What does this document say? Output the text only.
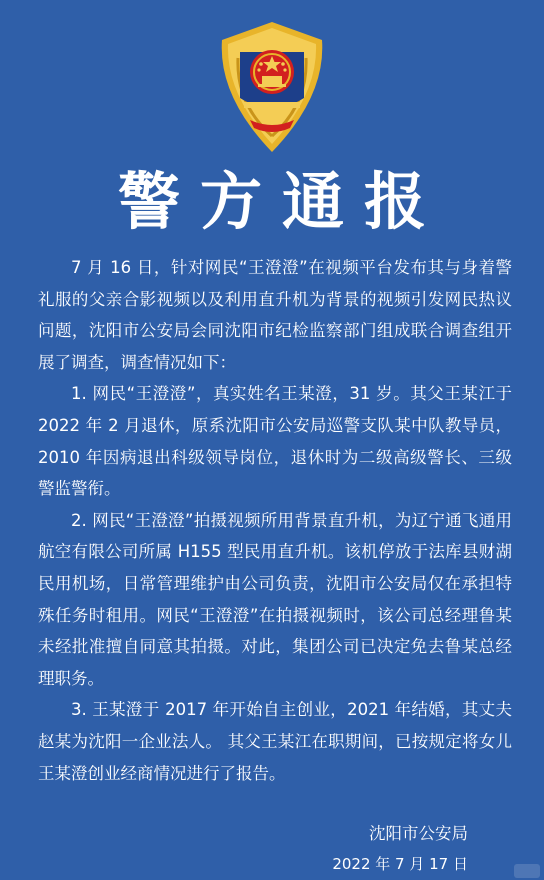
警方通报

7 月 16 日，针对网民“王澄澄”在视频平台发布其与身着警礼服的父亲合影视频以及利用直升机为背景的视频引发网民热议问题，沈阳市公安局会同沈阳市纪检监察部门组成联合调查组开展了调查，调查情况如下：

1. 网民“王澄澄”，真实姓名王某澄，31 岁。其父王某江于 2022 年 2 月退休，原系沈阳市公安局巡警支队某中队教导员，2010 年因病退出科级领导岗位，退休时为二级高级警长、三级警监警衔。

2. 网民“王澄澄”拍摄视频所用背景直升机，为辽宁通飞通用航空有限公司所属 H155 型民用直升机。该机停放于法库县财湖民用机场，日常管理维护由公司负责，沈阳市公安局仅在承担特殊任务时租用。网民“王澄澄”在拍摄视频时，该公司总经理鲁某未经批准擅自同意其拍摄。对此，集团公司已决定免去鲁某总经理职务。

3. 王某澄于 2017 年开始自主创业，2021 年结婚，其丈夫赵某为沈阳一企业法人。 其父王某江在职期间，已按规定将女儿王某澄创业经商情况进行了报告。

沈阳市公安局
2022 年 7 月 17 日
